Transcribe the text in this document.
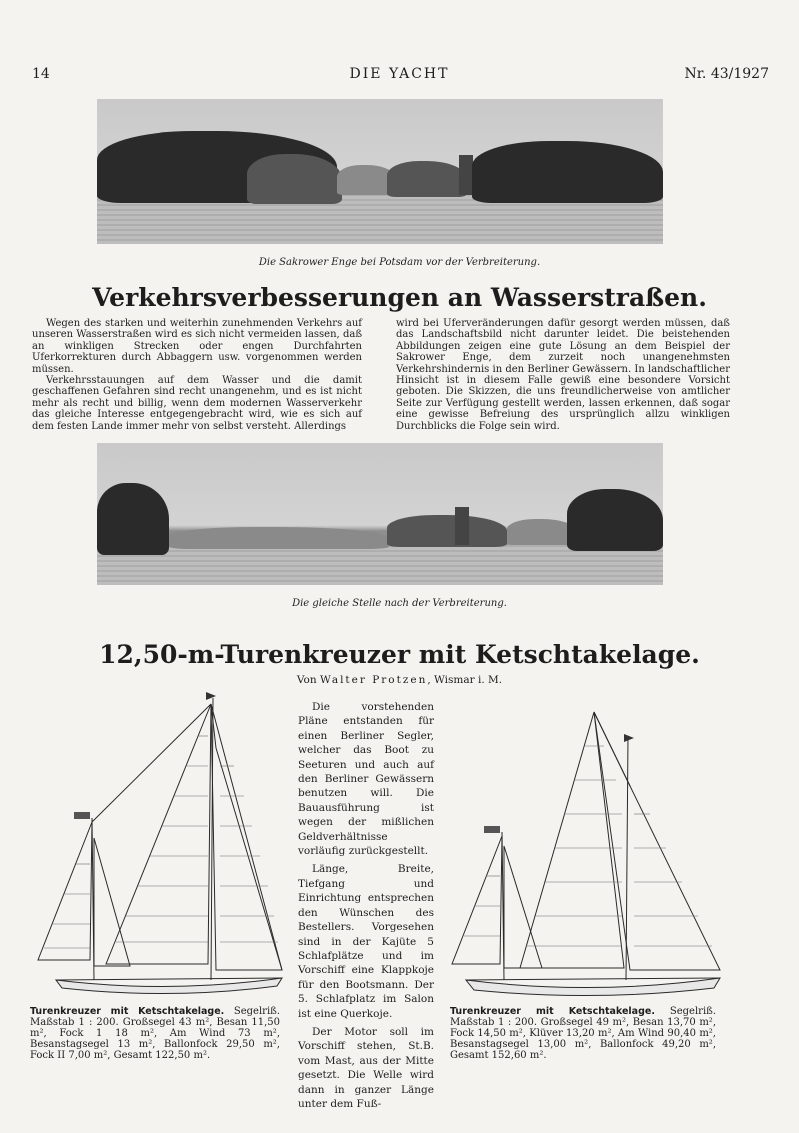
14	DIE YACHT	Nr. 43/1927
Die Sakrower Enge bei Potsdam vor der Verbreiterung.
Verkehrsverbesserungen an Wasserstraßen.

Wegen des starken und weiterhin zunehmenden Verkehrs auf unseren Wasserstraßen wird es sich nicht vermeiden lassen, daß an winkligen Strecken oder engen Durchfahrten Uferkorrekturen durch Abbaggern usw. vorgenommen werden müssen.

Verkehrsstauungen auf dem Wasser und die damit geschaffenen Gefahren sind recht unangenehm, und es ist nicht mehr als recht und billig, wenn dem modernen Wasserverkehr das gleiche Interesse entgegengebracht wird, wie es sich auf dem festen Lande immer mehr von selbst versteht. Allerdings

wird bei Uferveränderungen dafür gesorgt werden müssen, daß das Landschaftsbild nicht darunter leidet. Die beistehenden Abbildungen zeigen eine gute Lösung an dem Beispiel der Sakrower Enge, dem zurzeit noch unangenehmsten Verkehrshindernis in den Berliner Gewässern. In landschaftlicher Hinsicht ist in diesem Falle gewiß eine besondere Vorsicht geboten. Die Skizzen, die uns freundlicherweise von amtlicher Seite zur Verfügung gestellt werden, lassen erkennen, daß sogar eine gewisse Befreiung des ursprünglich allzu winkligen Durchblicks die Folge sein wird.

Die gleiche Stelle nach der Verbreiterung.
12,50-m-Turenkreuzer mit Ketschtakelage.
Von Walter Protzen, Wismar i. M.
Turenkreuzer mit Ketschtakelage. Segelriß. Maßstab 1 : 200. Großsegel 43 m², Besan 11,50 m², Fock 1 18 m², Am Wind 73 m², Besanstagsegel 13 m², Ballonfock 29,50 m², Fock II 7,00 m², Gesamt 122,50 m².

Die vorstehenden Pläne entstanden für einen Berliner Segler, welcher das Boot zu Seeturen und auch auf den Berliner Gewässern benutzen will. Die Bauausführung ist wegen der mißlichen Geldverhältnisse vorläufig zurückgestellt.

Länge, Breite, Tiefgang und Einrichtung entsprechen den Wünschen des Bestellers. Vorgesehen sind in der Kajüte 5 Schlafplätze und im Vorschiff eine Klappkoje für den Bootsmann. Der 5. Schlafplatz im Salon ist eine Querkoje.

Der Motor soll im Vorschiff stehen, St.B. vom Mast, aus der Mitte gesetzt. Die Welle wird dann in ganzer Länge unter dem Fuß-

Turenkreuzer mit Ketschtakelage. Segelriß. Maßstab 1 : 200. Großsegel 49 m², Besan 13,70 m², Fock 14,50 m², Klüver 13,20 m², Am Wind 90,40 m², Besanstagsegel 13,00 m², Ballonfock 49,20 m², Gesamt 152,60 m².
